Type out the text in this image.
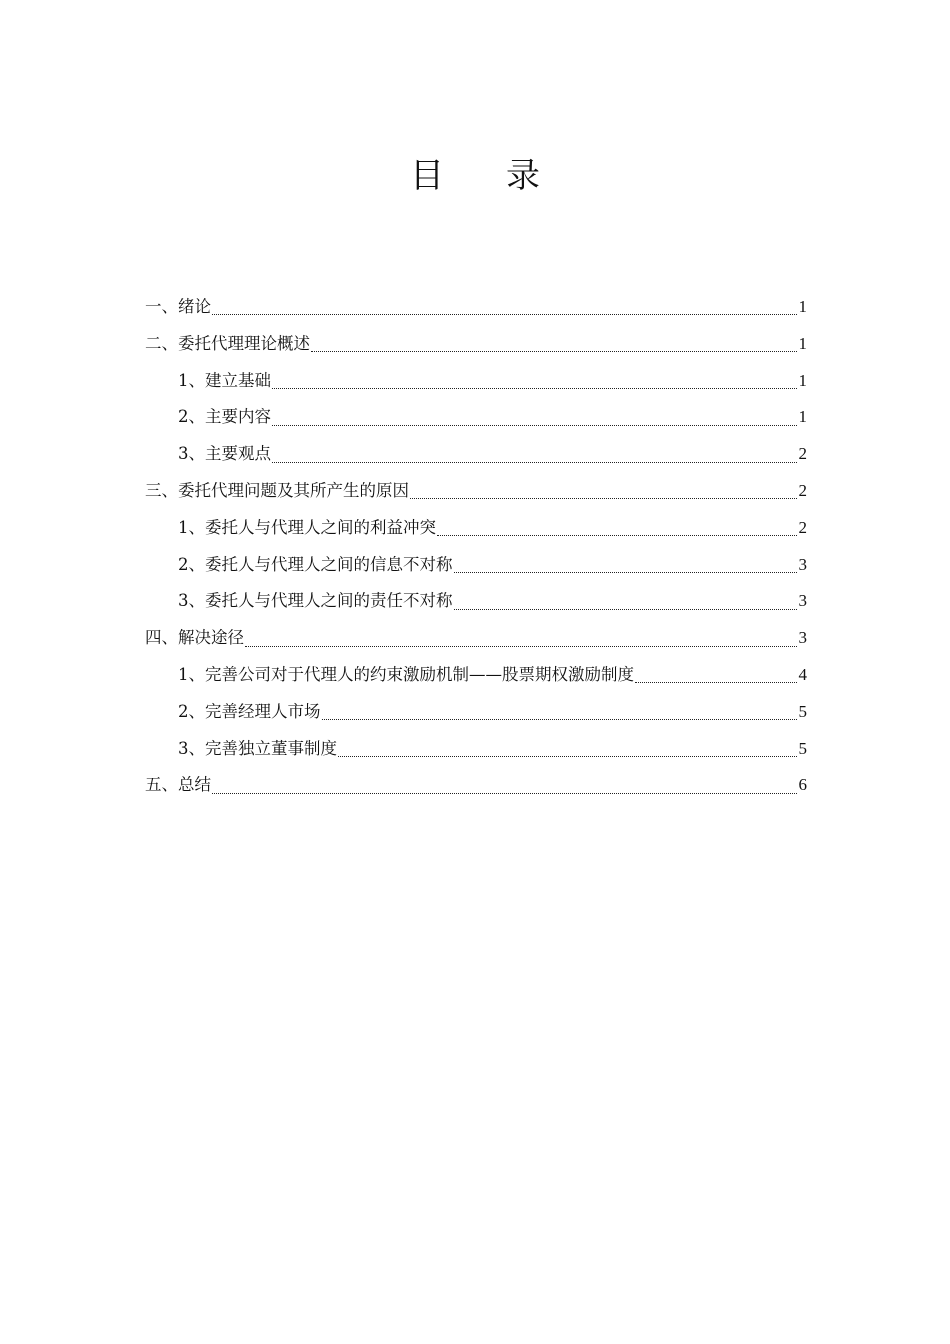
目 录
一、绪论	1
二、委托代理理论概述	1
1、建立基础	1
2、主要内容	1
3、主要观点	2
三、委托代理问题及其所产生的原因	2
1、委托人与代理人之间的利益冲突	2
2、委托人与代理人之间的信息不对称	3
3、委托人与代理人之间的责任不对称	3
四、解决途径	3
1、完善公司对于代理人的约束激励机制——股票期权激励制度	4
2、完善经理人市场	5
3、完善独立董事制度	5
五、总结	6
